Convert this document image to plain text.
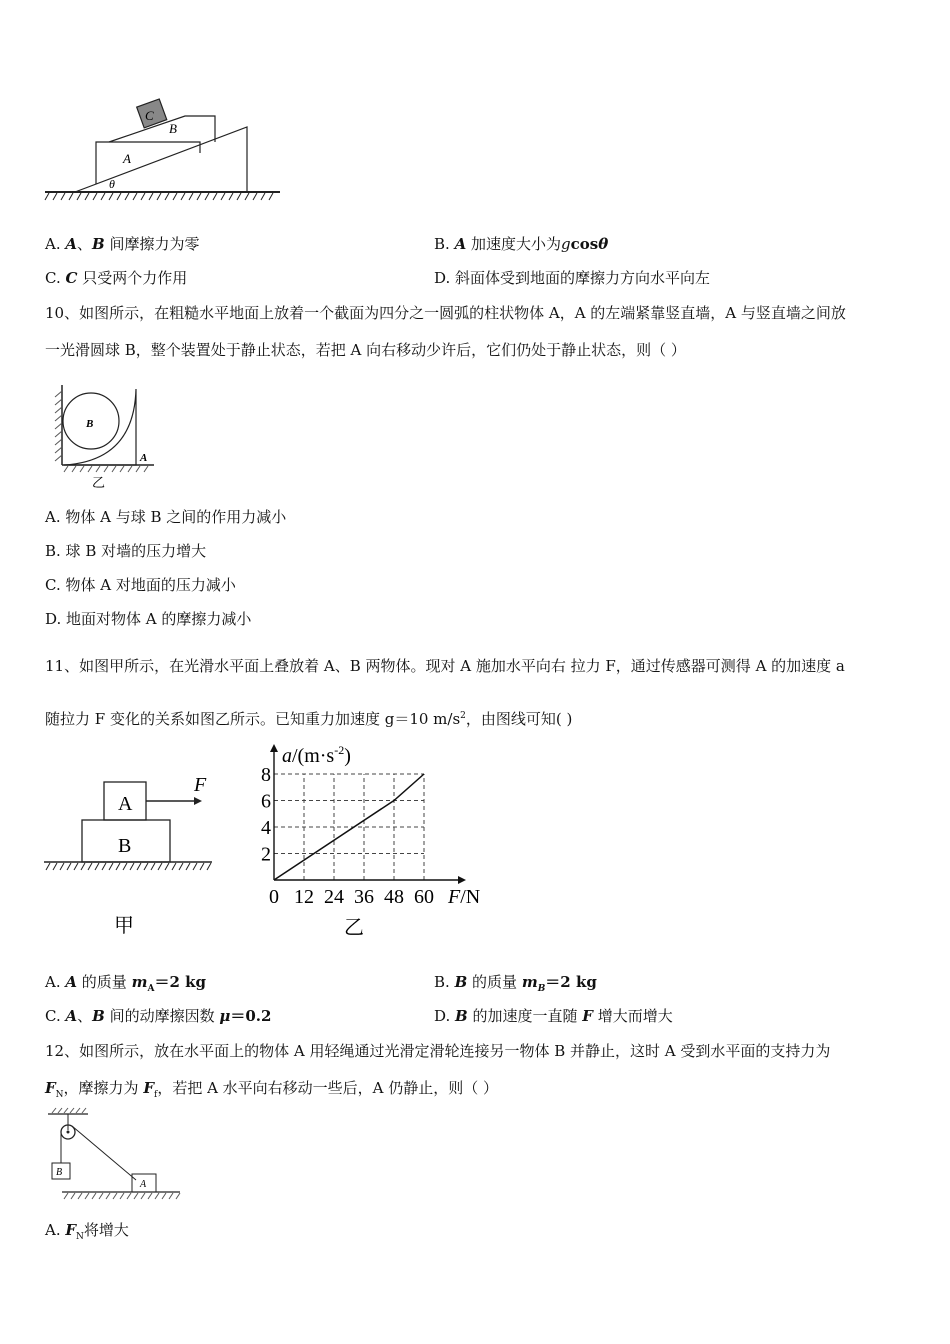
C
B
A
θ
A. A、B 间摩擦力为零	B. A 加速度大小为gcosθ
C. C 只受两个力作用	D. 斜面体受到地面的摩擦力方向水平向左
10、如图所示，在粗糙水平地面上放着一个截面为四分之一圆弧的柱状物体 A，A 的左端紧靠竖直墙，A 与竖直墙之间放
一光滑圆球 B，整个装置处于静止状态，若把 A 向右移动少许后，它们仍处于静止状态，则（ ）
B
A
乙
A. 物体 A 与球 B 之间的作用力减小
B. 球 B 对墙的压力增大
C. 物体 A 对地面的压力减小
D. 地面对物体 A 的摩擦力减小
11、如图甲所示，在光滑水平面上叠放着 A、B 两物体。现对 A 施加水平向右 拉力 F，通过传感器可测得 A 的加速度 a
随拉力 F 变化的关系如图乙所示。已知重力加速度 g＝10 $m/s^2$，由图线可知( )
A
B
F
甲
0 12 24 36 48 60
2
4
6
8
$a/(m\cdot s^{-2})$
F/N
乙
A. A 的质量 $m_A=2$ kg	B. B 的质量 $m_B=2$ kg
C. A、B 间的动摩擦因数 μ＝0.2	D. B 的加速度一直随 F 增大而增大
12、如图所示，放在水平面上的物体 A 用轻绳通过光滑定滑轮连接另一物体 B 并静止，这时 A 受到水平面的支持力为
$F_N$，摩擦力为 $F_f$，若把 A 水平向右移动一些后，A 仍静止，则（ ）
B
A
A. $F_N$将增大
